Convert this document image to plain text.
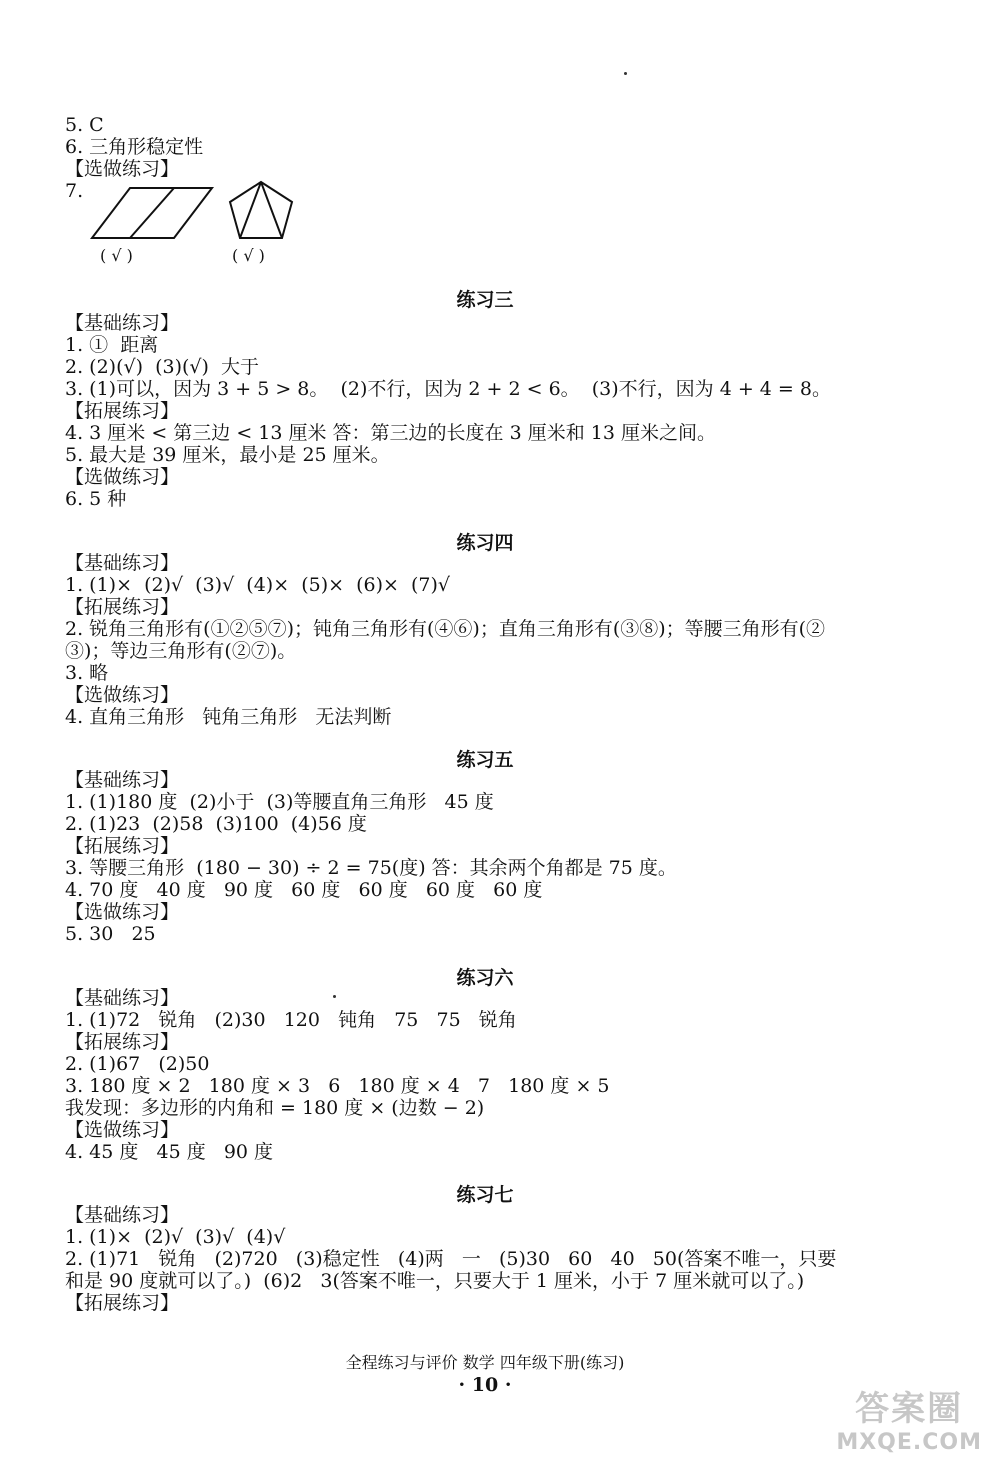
5. C
6. 三角形稳定性
【选做练习】
7.
( √ )	( √ )
练习三
【基础练习】
1. ①  距离
2. (2)(√)  (3)(√)  大于
3. (1)可以，因为 3 + 5 > 8。  (2)不行，因为 2 + 2 < 6。  (3)不行，因为 4 + 4 = 8。
【拓展练习】
4. 3 厘米 < 第三边 < 13 厘米 答：第三边的长度在 3 厘米和 13 厘米之间。
5. 最大是 39 厘米，最小是 25 厘米。
【选做练习】
6. 5 种
练习四
【基础练习】
1. (1)×  (2)√  (3)√  (4)×  (5)×  (6)×  (7)√
【拓展练习】
2. 锐角三角形有(①②⑤⑦)；钝角三角形有(④⑥)；直角三角形有(③⑧)；等腰三角形有(②
③)；等边三角形有(②⑦)。
3. 略
【选做练习】
4. 直角三角形   钝角三角形   无法判断
练习五
【基础练习】
1. (1)180 度  (2)小于  (3)等腰直角三角形   45 度
2. (1)23  (2)58  (3)100  (4)56 度
【拓展练习】
3. 等腰三角形  (180 − 30) ÷ 2 = 75(度) 答：其余两个角都是 75 度。
4. 70 度   40 度   90 度   60 度   60 度   60 度   60 度
【选做练习】
5. 30   25
练习六
【基础练习】
1. (1)72   锐角   (2)30   120   钝角   75   75   锐角
【拓展练习】
2. (1)67   (2)50
3. 180 度 × 2   180 度 × 3   6   180 度 × 4   7   180 度 × 5
我发现：多边形的内角和 = 180 度 × (边数 − 2)
【选做练习】
4. 45 度   45 度   90 度
练习七
【基础练习】
1. (1)×  (2)√  (3)√  (4)√
2. (1)71   锐角   (2)720   (3)稳定性   (4)两   一   (5)30   60   40   50(答案不唯一，只要
和是 90 度就可以了。)  (6)2   3(答案不唯一，只要大于 1 厘米，小于 7 厘米就可以了。)
【拓展练习】
全程练习与评价 数学 四年级下册(练习)
· 10 ·
答案圈
MXQE.COM
